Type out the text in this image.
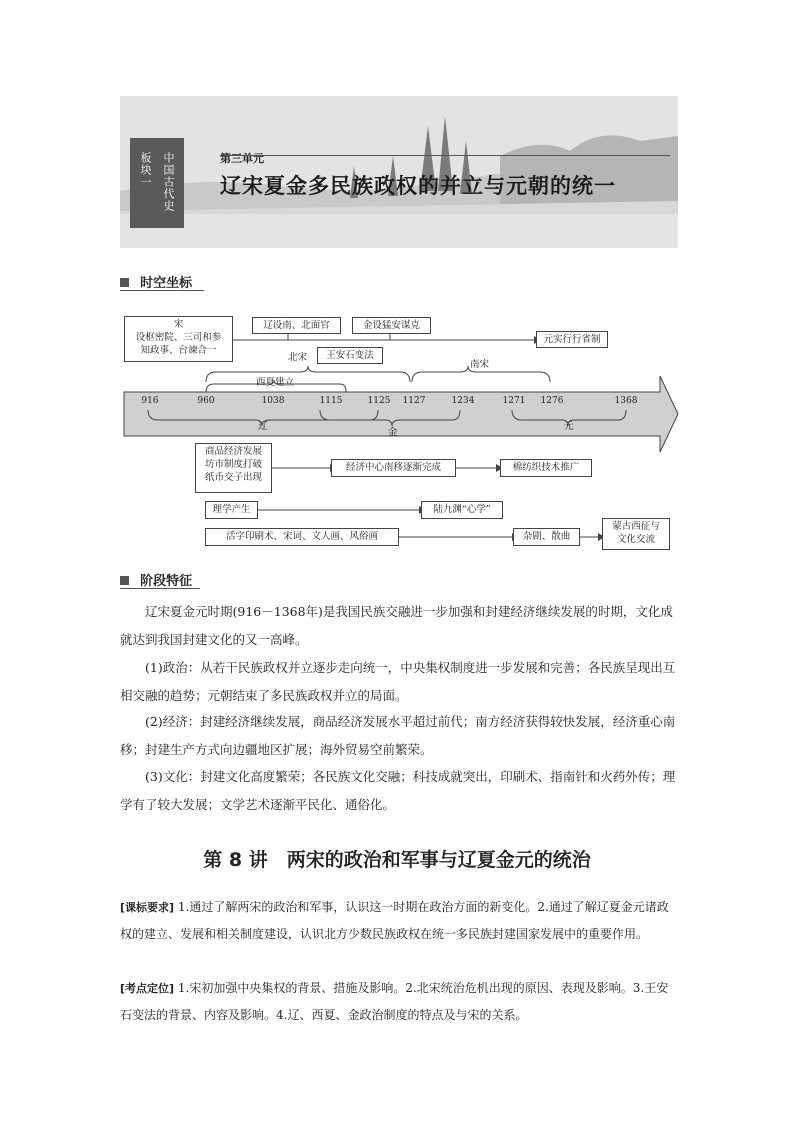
板块一 中国古代史	第三单元
辽宋夏金多民族政权的并立与元朝的统一
时空坐标
宋
设枢密院、三司和参
知政事、台谏合一
辽设南、北面官	金设猛安谋克
元实行行省制
北宋	王安石变法
南宋
西夏建立
916	960	1038	1115	1125 1127	1234	1271 1276	1368
辽
金
元
商品经济发展
坊市制度打破
纸币交子出现
经济中心南移逐渐完成	棉纺织技术推广
理学产生	陆九渊“心学”
活字印刷术、宋词、文人画、风俗画	杂剧、散曲
蒙古西征与
文化交流
阶段特征

辽宋夏金元时期(916－1368年)是我国民族交融进一步加强和封建经济继续发展的时期，文化成就达到我国封建文化的又一高峰。

(1)政治：从若干民族政权并立逐步走向统一，中央集权制度进一步发展和完善；各民族呈现出互相交融的趋势；元朝结束了多民族政权并立的局面。

(2)经济：封建经济继续发展，商品经济发展水平超过前代；南方经济获得较快发展，经济重心南移；封建生产方式向边疆地区扩展；海外贸易空前繁荣。

(3)文化：封建文化高度繁荣；各民族文化交融；科技成就突出，印刷术、指南针和火药外传；理学有了较大发展；文学艺术逐渐平民化、通俗化。

第 8 讲　两宋的政治和军事与辽夏金元的统治

[课标要求] 1.通过了解两宋的政治和军事，认识这一时期在政治方面的新变化。2.通过了解辽夏金元诸政权的建立、发展和相关制度建设，认识北方少数民族政权在统一多民族封建国家发展中的重要作用。

[考点定位] 1.宋初加强中央集权的背景、措施及影响。2.北宋统治危机出现的原因、表现及影响。3.王安石变法的背景、内容及影响。4.辽、西夏、金政治制度的特点及与宋的关系。
